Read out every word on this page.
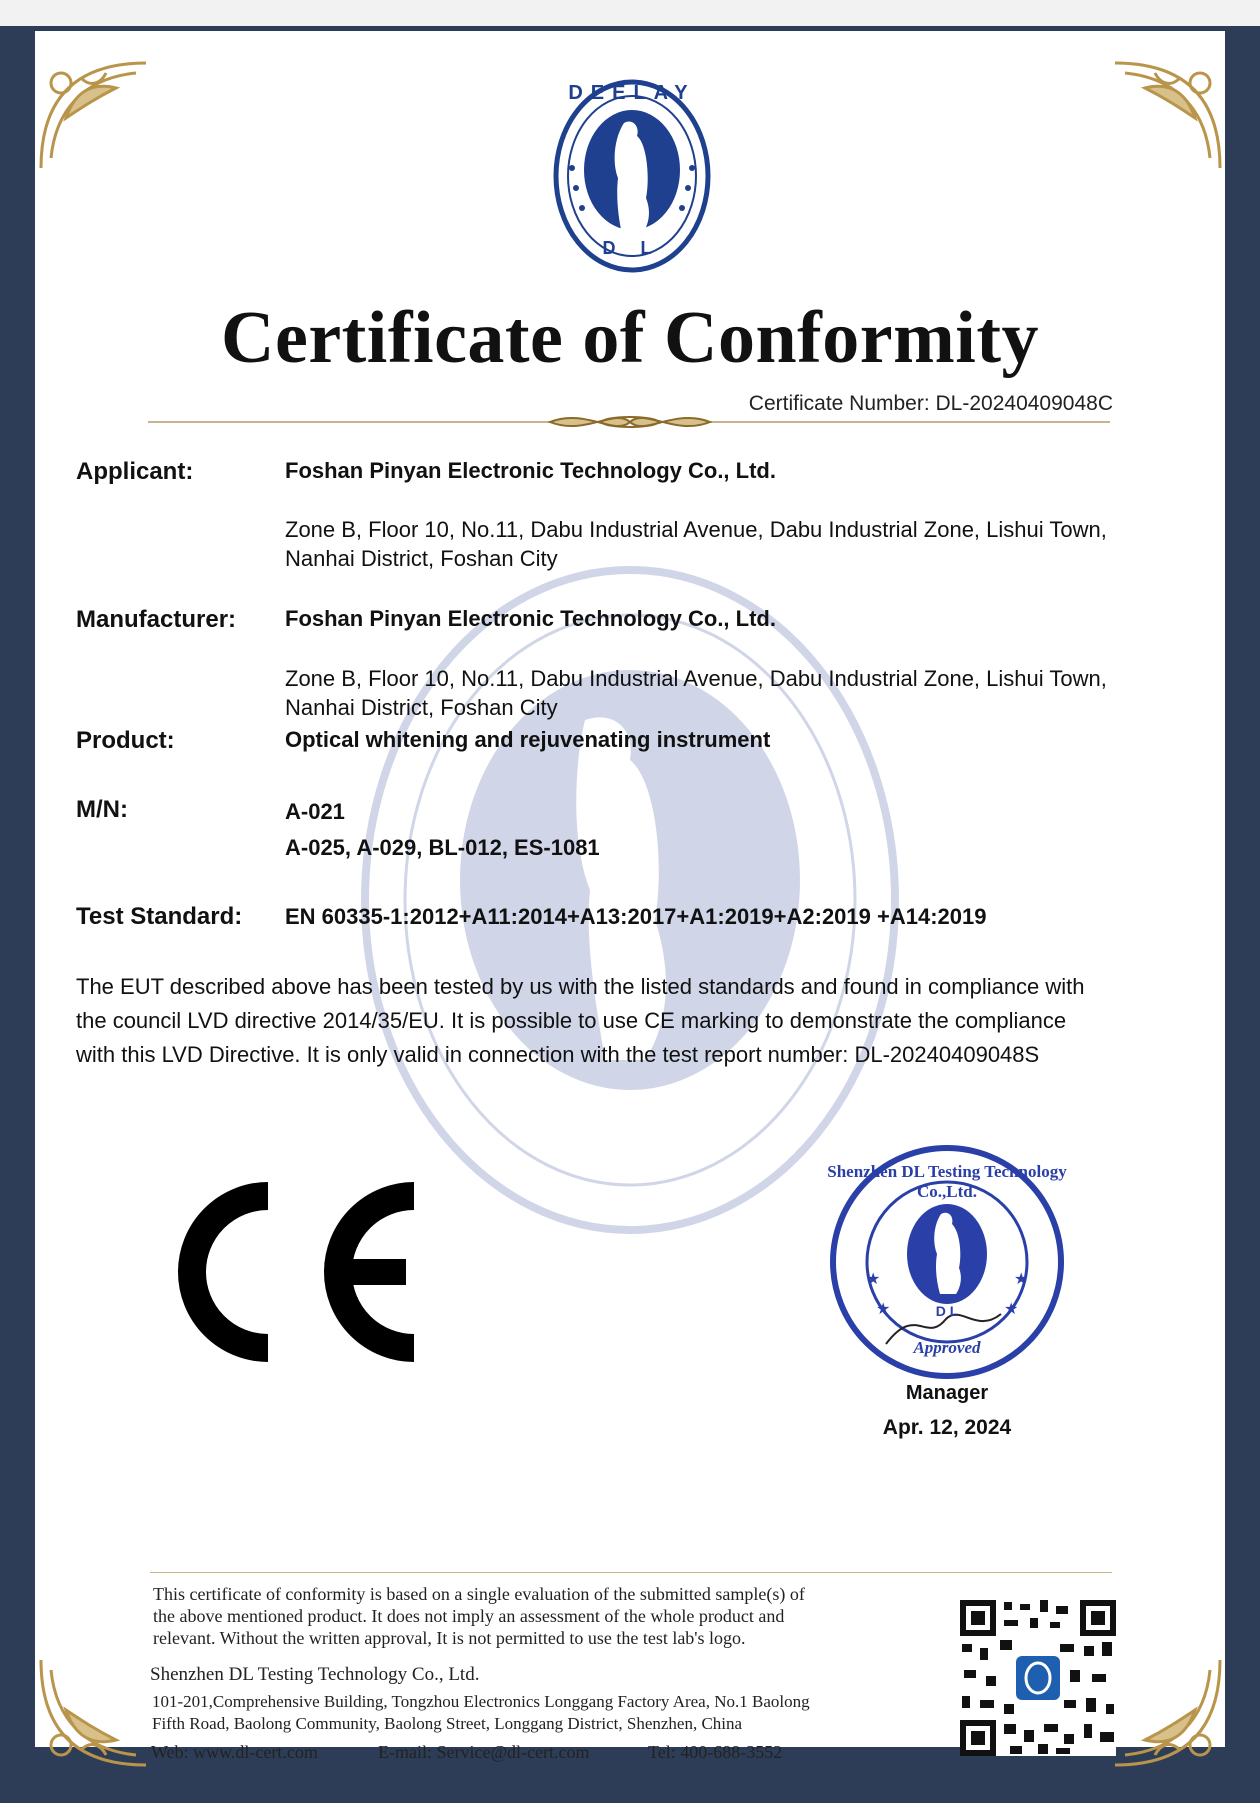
DEELAY
D L
Certificate of Conformity
Certificate Number: DL-20240409048C
Applicant:	Foshan Pinyan Electronic Technology Co., Ltd.
Zone B, Floor 10, No.11, Dabu Industrial Avenue, Dabu Industrial Zone, Lishui Town,
Nanhai District, Foshan City
Manufacturer: Foshan Pinyan Electronic Technology Co., Ltd.
Zone B, Floor 10, No.11, Dabu Industrial Avenue, Dabu Industrial Zone, Lishui Town,
Nanhai District, Foshan City
Product:	Optical whitening and rejuvenating instrument
M/N:	A-021
A-025, A-029, BL-012, ES-1081
Test Standard: EN 60335-1:2012+A11:2014+A13:2017+A1:2019+A2:2019 +A14:2019
The EUT described above has been tested by us with the listed standards and found in compliance with
the council LVD directive 2014/35/EU. It is possible to use CE marking to demonstrate the compliance
with this LVD Directive. It is only valid in connection with the test report number: DL-20240409048S
★	★
★	★
Shenzhen DL Testing Technology Co.,Ltd.
D L
Approved
Manager
Apr. 12, 2024
This certificate of conformity is based on a single evaluation of the submitted sample(s) of
the above mentioned product. It does not imply an assessment of the whole product and
relevant. Without the written approval, It is not permitted to use the test lab's logo.
Shenzhen DL Testing Technology Co., Ltd.
101-201,Comprehensive Building, Tongzhou Electronics Longgang Factory Area, No.1 Baolong
Fifth Road, Baolong Community, Baolong Street, Longgang District, Shenzhen, China
Web: www.dl-cert.com	E-mail: Service@dl-cert.com	Tel: 400-688-3552
